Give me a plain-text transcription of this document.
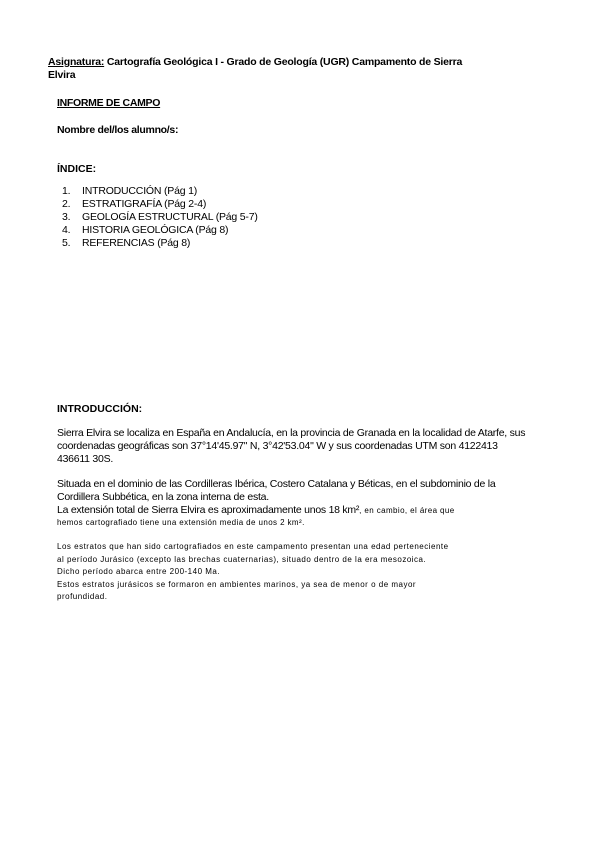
Asignatura: Cartografía Geológica I - Grado de Geología (UGR) Campamento de Sierra Elvira
INFORME DE CAMPO
Nombre del/los alumno/s:
ÍNDICE:
1.	INTRODUCCIÓN (Pág 1)
2.	ESTRATIGRAFÍA (Pág 2-4)
3.	GEOLOGÍA ESTRUCTURAL (Pág 5-7)
4.	HISTORIA GEOLÓGICA (Pág 8)
5.	REFERENCIAS (Pág 8)
INTRODUCCIÓN:
Sierra Elvira se localiza en España en Andalucía, en la provincia de Granada en la localidad de Atarfe, sus coordenadas geográficas son 37°14'45.97" N, 3°42'53.04" W y sus coordenadas UTM son 4122413 436611 30S.
Situada en el dominio de las Cordilleras Ibérica, Costero Catalana y Béticas, en el subdominio de la Cordillera Subbética, en la zona interna de esta.
La extensión total de Sierra Elvira es aproximadamente unos 18 km², en cambio, el área que
hemos cartografiado tiene una extensión media de unos 2 km².
Los estratos que han sido cartografiados en este campamento presentan una edad perteneciente
al período Jurásico (excepto las brechas cuaternarias), situado dentro de la era mesozoica.
Dicho período abarca entre 200-140 Ma.
Estos estratos jurásicos se formaron en ambientes marinos, ya sea de menor o de mayor
profundidad.
